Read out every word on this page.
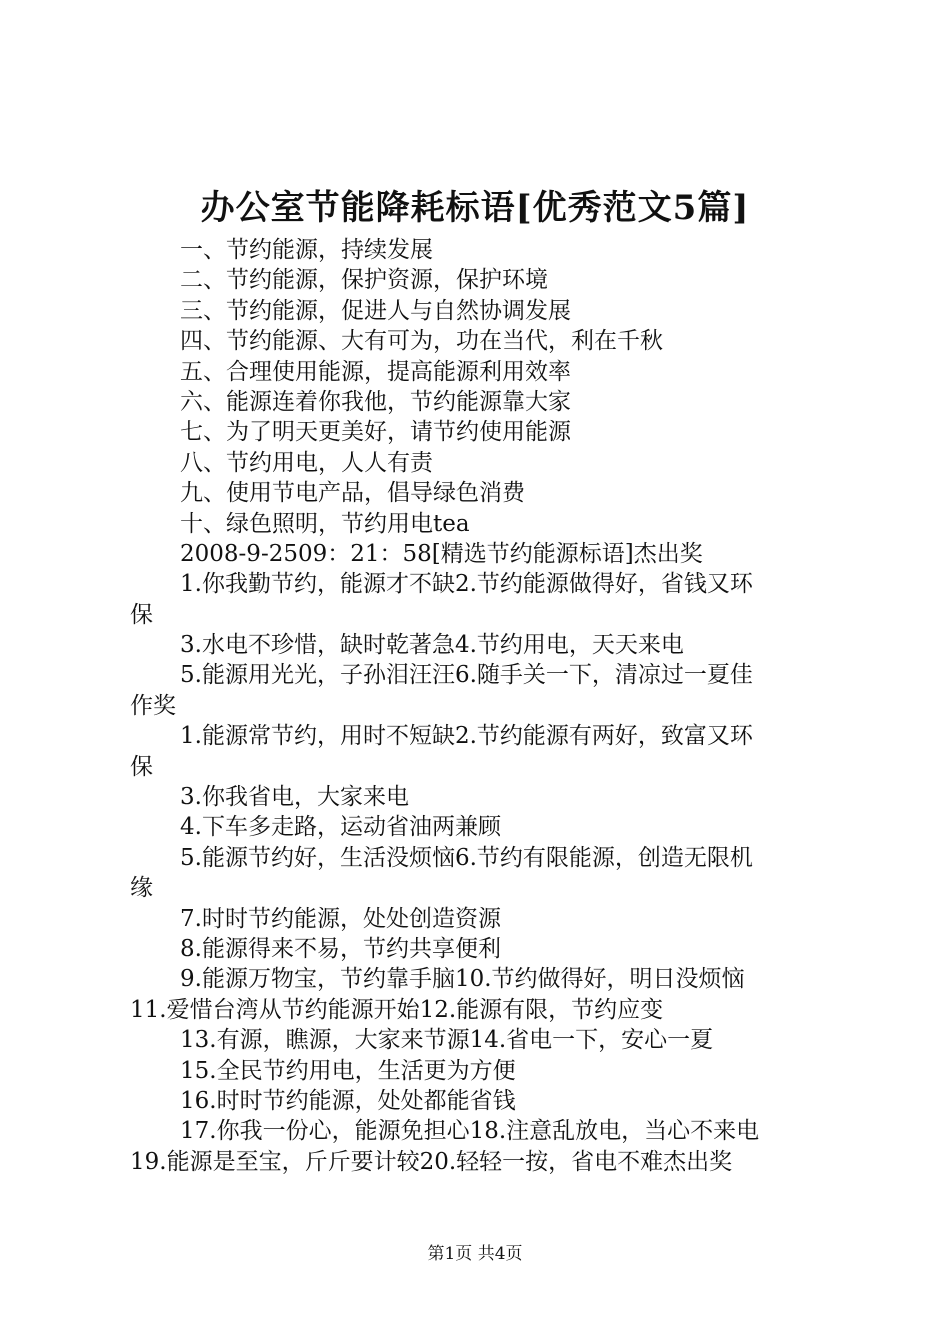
办公室节能降耗标语[优秀范文5篇]
一、节约能源，持续发展
二、节约能源，保护资源，保护环境
三、节约能源，促进人与自然协调发展
四、节约能源、大有可为，功在当代，利在千秋
五、合理使用能源，提高能源利用效率
六、能源连着你我他，节约能源靠大家
七、为了明天更美好，请节约使用能源
八、节约用电，人人有责
九、使用节电产品，倡导绿色消费
十、绿色照明，节约用电tea
2008-9-2509：21：58[精选节约能源标语]杰出奖
1.你我勤节约，能源才不缺2.节约能源做得好，省钱又环
保
3.水电不珍惜，缺时乾著急4.节约用电，天天来电
5.能源用光光，子孙泪汪汪6.随手关一下，清凉过一夏佳
作奖
1.能源常节约，用时不短缺2.节约能源有两好，致富又环
保
3.你我省电，大家来电
4.下车多走路，运动省油两兼顾
5.能源节约好，生活没烦恼6.节约有限能源，创造无限机
缘
7.时时节约能源，处处创造资源
8.能源得来不易，节约共享便利
9.能源万物宝，节约靠手脑10.节约做得好，明日没烦恼
11.爱惜台湾从节约能源开始12.能源有限，节约应变
13.有源，瞧源，大家来节源14.省电一下，安心一夏
15.全民节约用电，生活更为方便
16.时时节约能源，处处都能省钱
17.你我一份心，能源免担心18.注意乱放电，当心不来电
19.能源是至宝，斤斤要计较20.轻轻一按，省电不难杰出奖
第1页 共4页
